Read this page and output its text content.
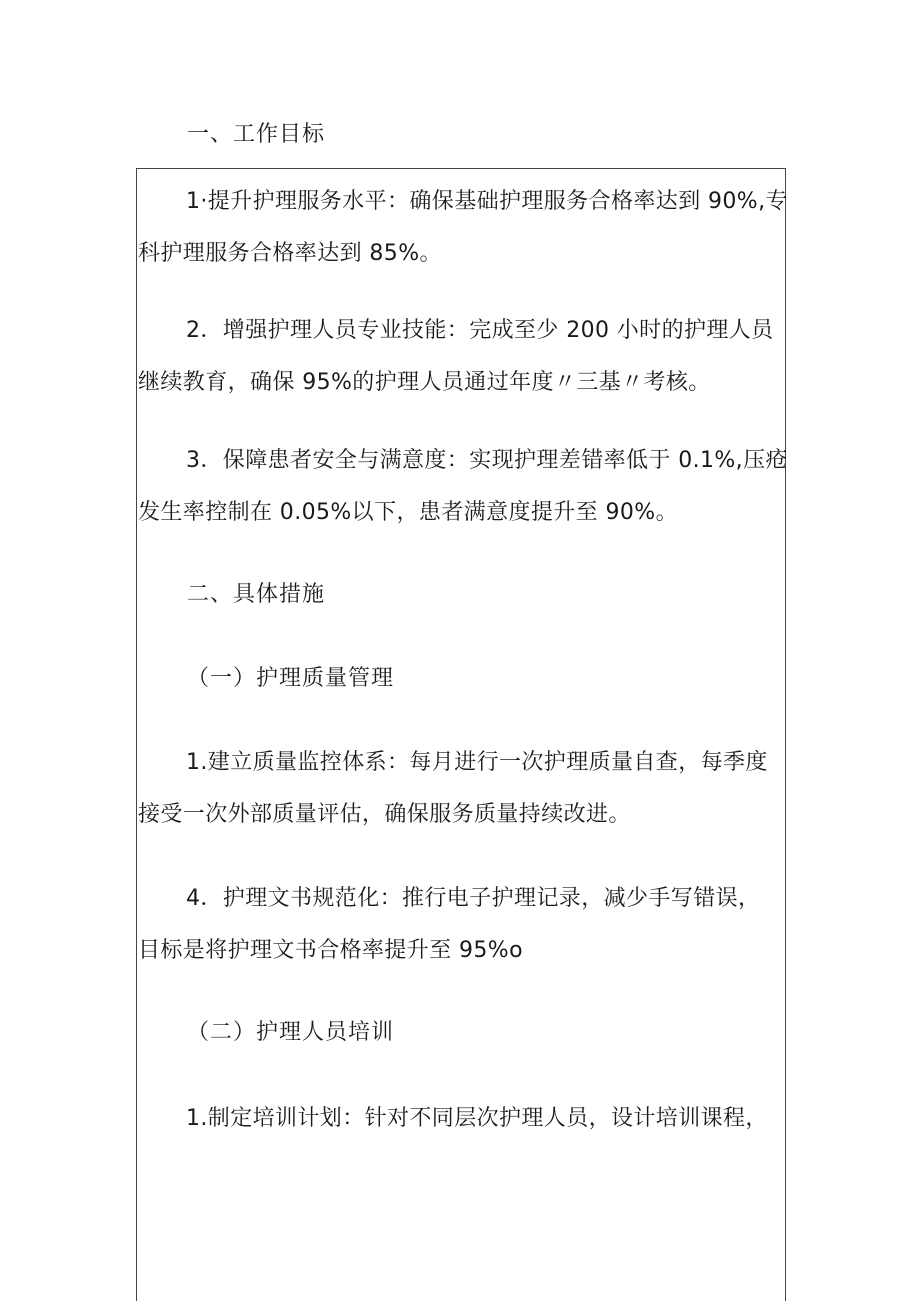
一、工作目标
1·提升护理服务水平：确保基础护理服务合格率达到 90%,专
科护理服务合格率达到 85%。
2．增强护理人员专业技能：完成至少 200 小时的护理人员
继续教育，确保 95%的护理人员通过年度〃三基〃考核。
3．保障患者安全与满意度：实现护理差错率低于 0.1%,压疮
发生率控制在 0.05%以下，患者满意度提升至 90%。
二、具体措施
（一）护理质量管理
1.建立质量监控体系：每月进行一次护理质量自查，每季度
接受一次外部质量评估，确保服务质量持续改进。
4．护理文书规范化：推行电子护理记录，减少手写错误，
目标是将护理文书合格率提升至 95%o
（二）护理人员培训
1.制定培训计划：针对不同层次护理人员，设计培训课程，
